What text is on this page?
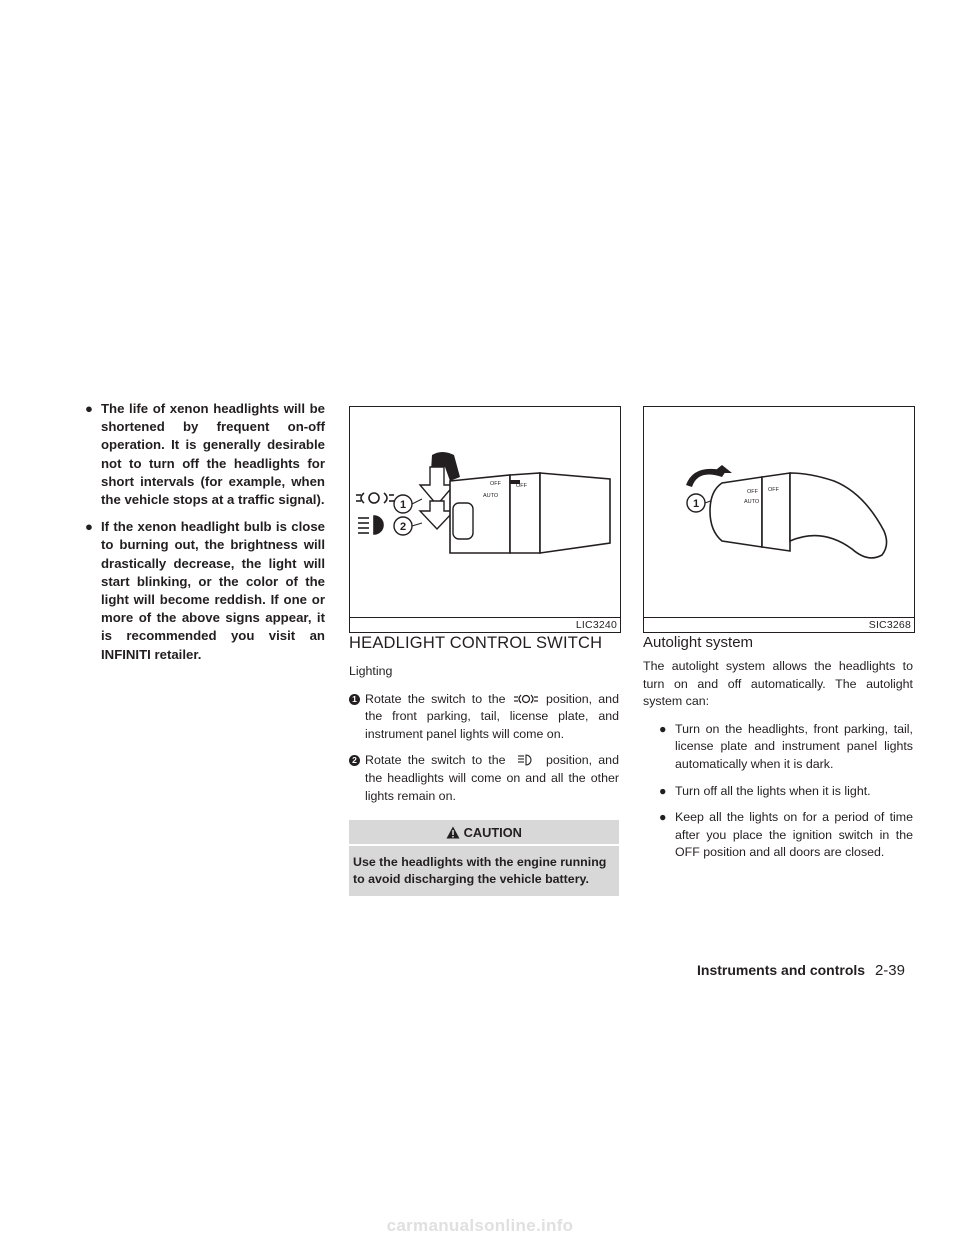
● The life of xenon headlights will be shortened by frequent on-off operation. It is generally desirable not to turn off the headlights for short intervals (for example, when the vehicle stops at a traffic signal).
● If the xenon headlight bulb is close to burning out, the brightness will drastically decrease, the light will start blinking, or the color of the light will become reddish. If one or more of the above signs appear, it is recommended you visit an INFINITI retailer.
1
2
OFF
AUTO
OFF
LIC3240
1
OFF
AUTO
OFF
SIC3268
HEADLIGHT CONTROL SWITCH

Lighting

1 Rotate the switch to the	position, and the front parking, tail, license plate, and instrument panel lights will come on.
2 Rotate the switch to the	position, and the headlights will come on and all the other lights remain on.
CAUTION
Use the headlights with the engine running to avoid discharging the vehicle battery.
Autolight system

The autolight system allows the headlights to turn on and off automatically. The autolight system can:

● Turn on the headlights, front parking, tail, license plate and instrument panel lights automatically when it is dark.
● Turn off all the lights when it is light.
● Keep all the lights on for a period of time after you place the ignition switch in the OFF position and all doors are closed.
Instruments and controls 2-39
carmanualsonline.info
